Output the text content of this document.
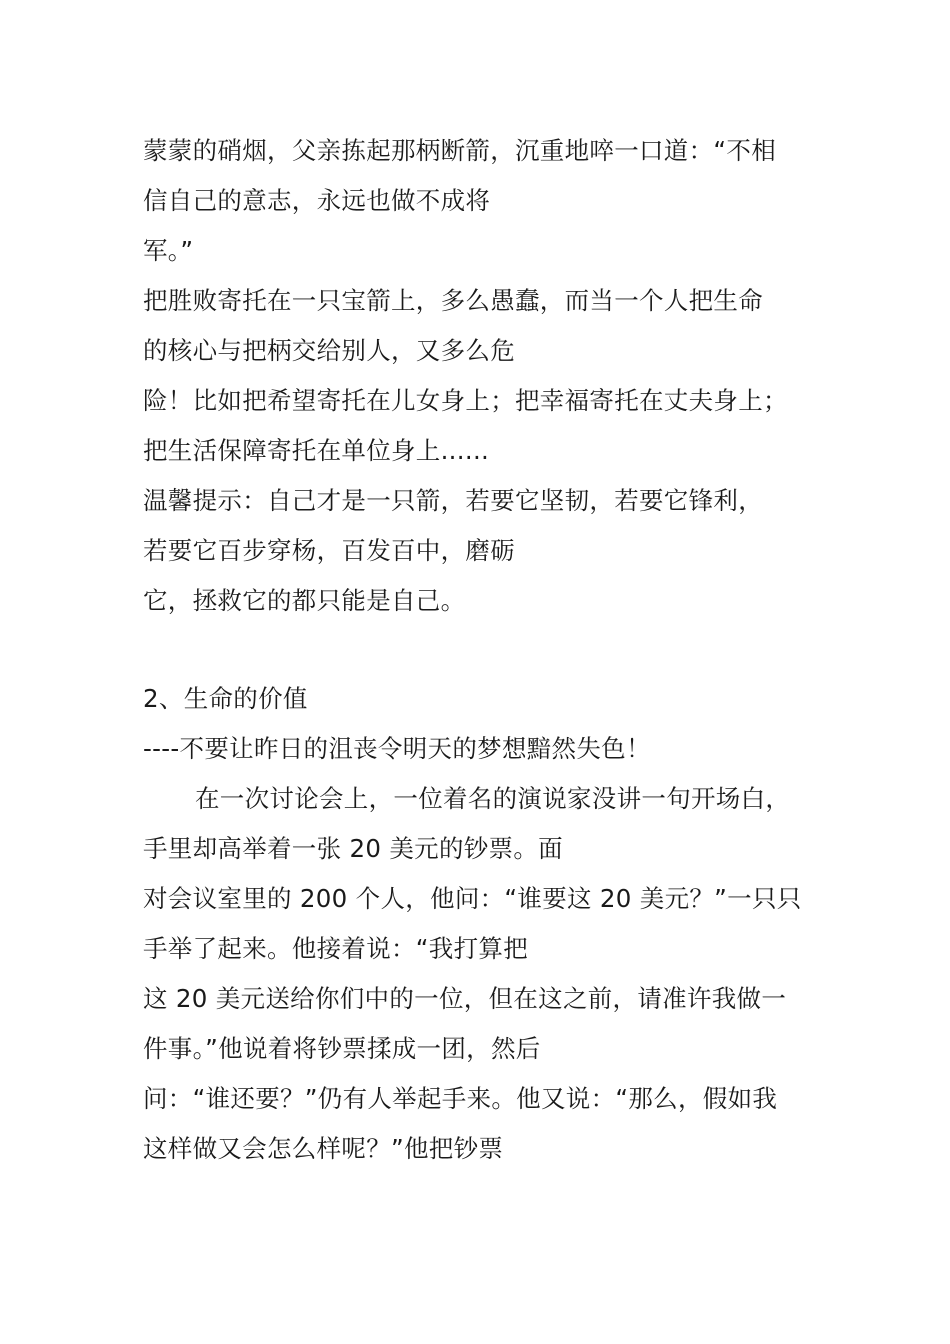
蒙蒙的硝烟，父亲拣起那柄断箭，沉重地啐一口道：“不相
信自己的意志，永远也做不成将
军。”
把胜败寄托在一只宝箭上，多么愚蠢，而当一个人把生命
的核心与把柄交给别人，又多么危
险！比如把希望寄托在儿女身上；把幸福寄托在丈夫身上；
把生活保障寄托在单位身上......
温馨提示：自己才是一只箭，若要它坚韧，若要它锋利，
若要它百步穿杨，百发百中，磨砺
它，拯救它的都只能是自己。
2、生命的价值
----不要让昨日的沮丧令明天的梦想黯然失色！
在一次讨论会上，一位着名的演说家没讲一句开场白，
手里却高举着一张 20 美元的钞票。面
对会议室里的 200 个人，他问：“谁要这 20 美元？”一只只
手举了起来。他接着说：“我打算把
这 20 美元送给你们中的一位，但在这之前，请准许我做一
件事。”他说着将钞票揉成一团，然后
问：“谁还要？”仍有人举起手来。他又说：“那么，假如我
这样做又会怎么样呢？”他把钞票
